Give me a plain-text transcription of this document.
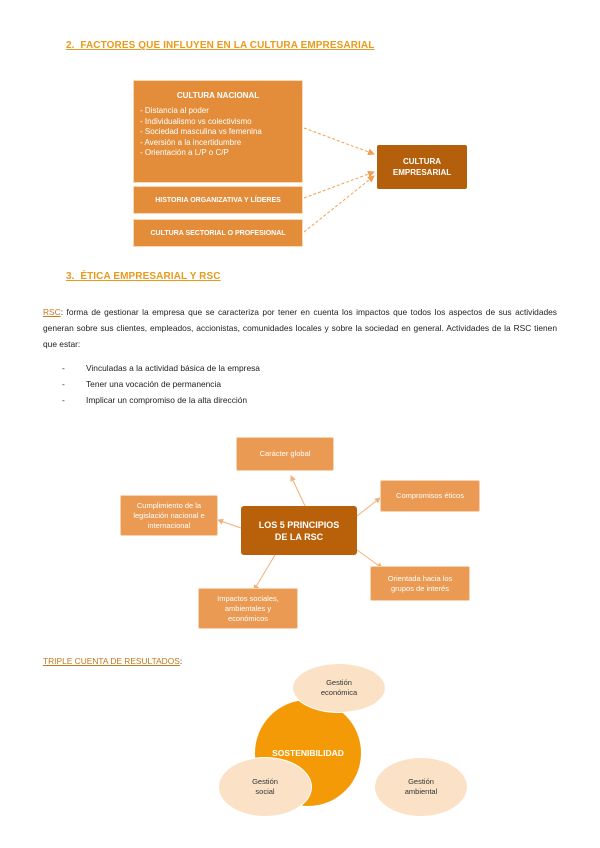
2. FACTORES QUE INFLUYEN EN LA CULTURA EMPRESARIAL
CULTURA NACIONAL
- Distancia al poder
- Individualismo vs colectivismo
- Sociedad masculina vs femenina
- Aversión a la incertidumbre
- Orientación a L/P o C/P
HISTORIA ORGANIZATIVA Y LÍDERES
CULTURA SECTORIAL O PROFESIONAL
CULTURA EMPRESARIAL
3. ÉTICA EMPRESARIAL Y RSC
RSC: forma de gestionar la empresa que se caracteriza por tener en cuenta los impactos que todos los aspectos de sus actividades generan sobre sus clientes, empleados, accionistas, comunidades locales y sobre la sociedad en general. Actividades de la RSC tienen que estar:
-	Vinculadas a la actividad básica de la empresa
-	Tener una vocación de permanencia
-	Implicar un compromiso de la alta dirección
LOS 5 PRINCIPIOS DE LA RSC
Carácter global
Compromisos éticos
Orientada hacia los grupos de interés
Impactos sociales, ambientales y económicos
Cumplimiento de la legislación nacional e internacional
TRIPLE CUENTA DE RESULTADOS:
SOSTENIBILIDAD
Gestión económica
Gestión social
Gestión ambiental
